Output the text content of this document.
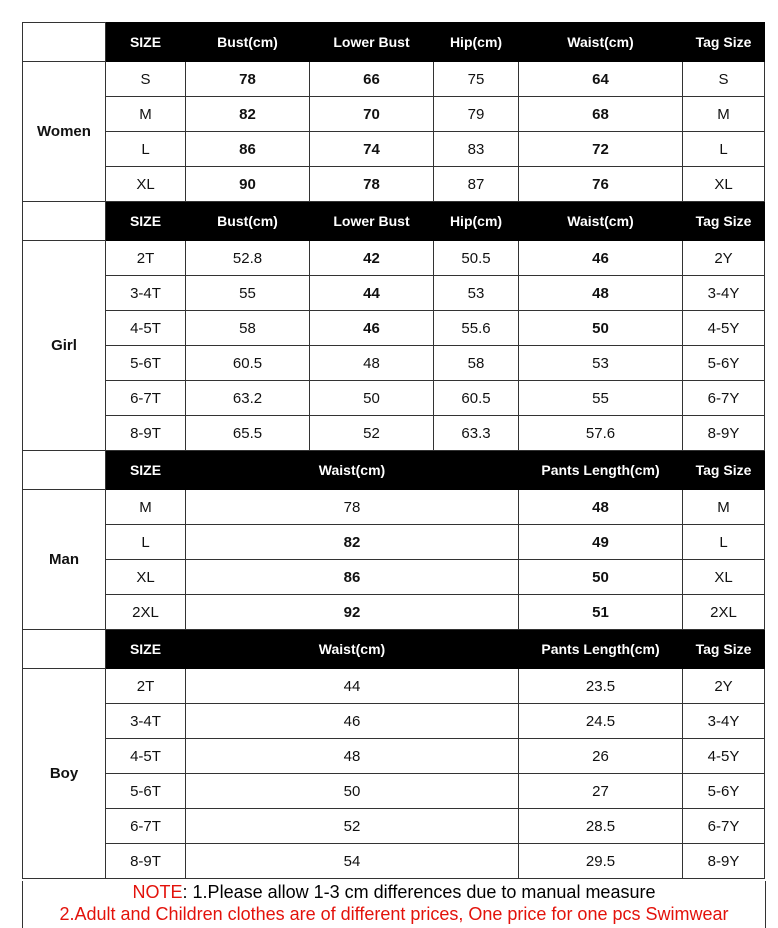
	SIZE	Bust(cm)	Lower Bust	Hip(cm)	Waist(cm)	Tag Size
Women	S	78	66	75	64	S
	M	82	70	79	68	M
	L	86	74	83	72	L
	XL	90	78	87	76	XL
	SIZE	Bust(cm)	Lower Bust	Hip(cm)	Waist(cm)	Tag Size
Girl	2T	52.8	42	50.5	46	2Y
	3-4T	55	44	53	48	3-4Y
	4-5T	58	46	55.6	50	4-5Y
	5-6T	60.5	48	58	53	5-6Y
	6-7T	63.2	50	60.5	55	6-7Y
	8-9T	65.5	52	63.3	57.6	8-9Y
	SIZE	Waist(cm)			Pants Length(cm)	Tag Size
Man	M	78			48	M
	L	82			49	L
	XL	86			50	XL
	2XL	92			51	2XL
	SIZE	Waist(cm)			Pants Length(cm)	Tag Size
Boy	2T	44			23.5	2Y
	3-4T	46			24.5	3-4Y
	4-5T	48			26	4-5Y
	5-6T	50			27	5-6Y
	6-7T	52			28.5	6-7Y
	8-9T	54			29.5	8-9Y
NOTE: 1.Please allow 1-3 cm differences due to manual measure
2.Adult and Children clothes are of different prices, One price for one pcs Swimwear
